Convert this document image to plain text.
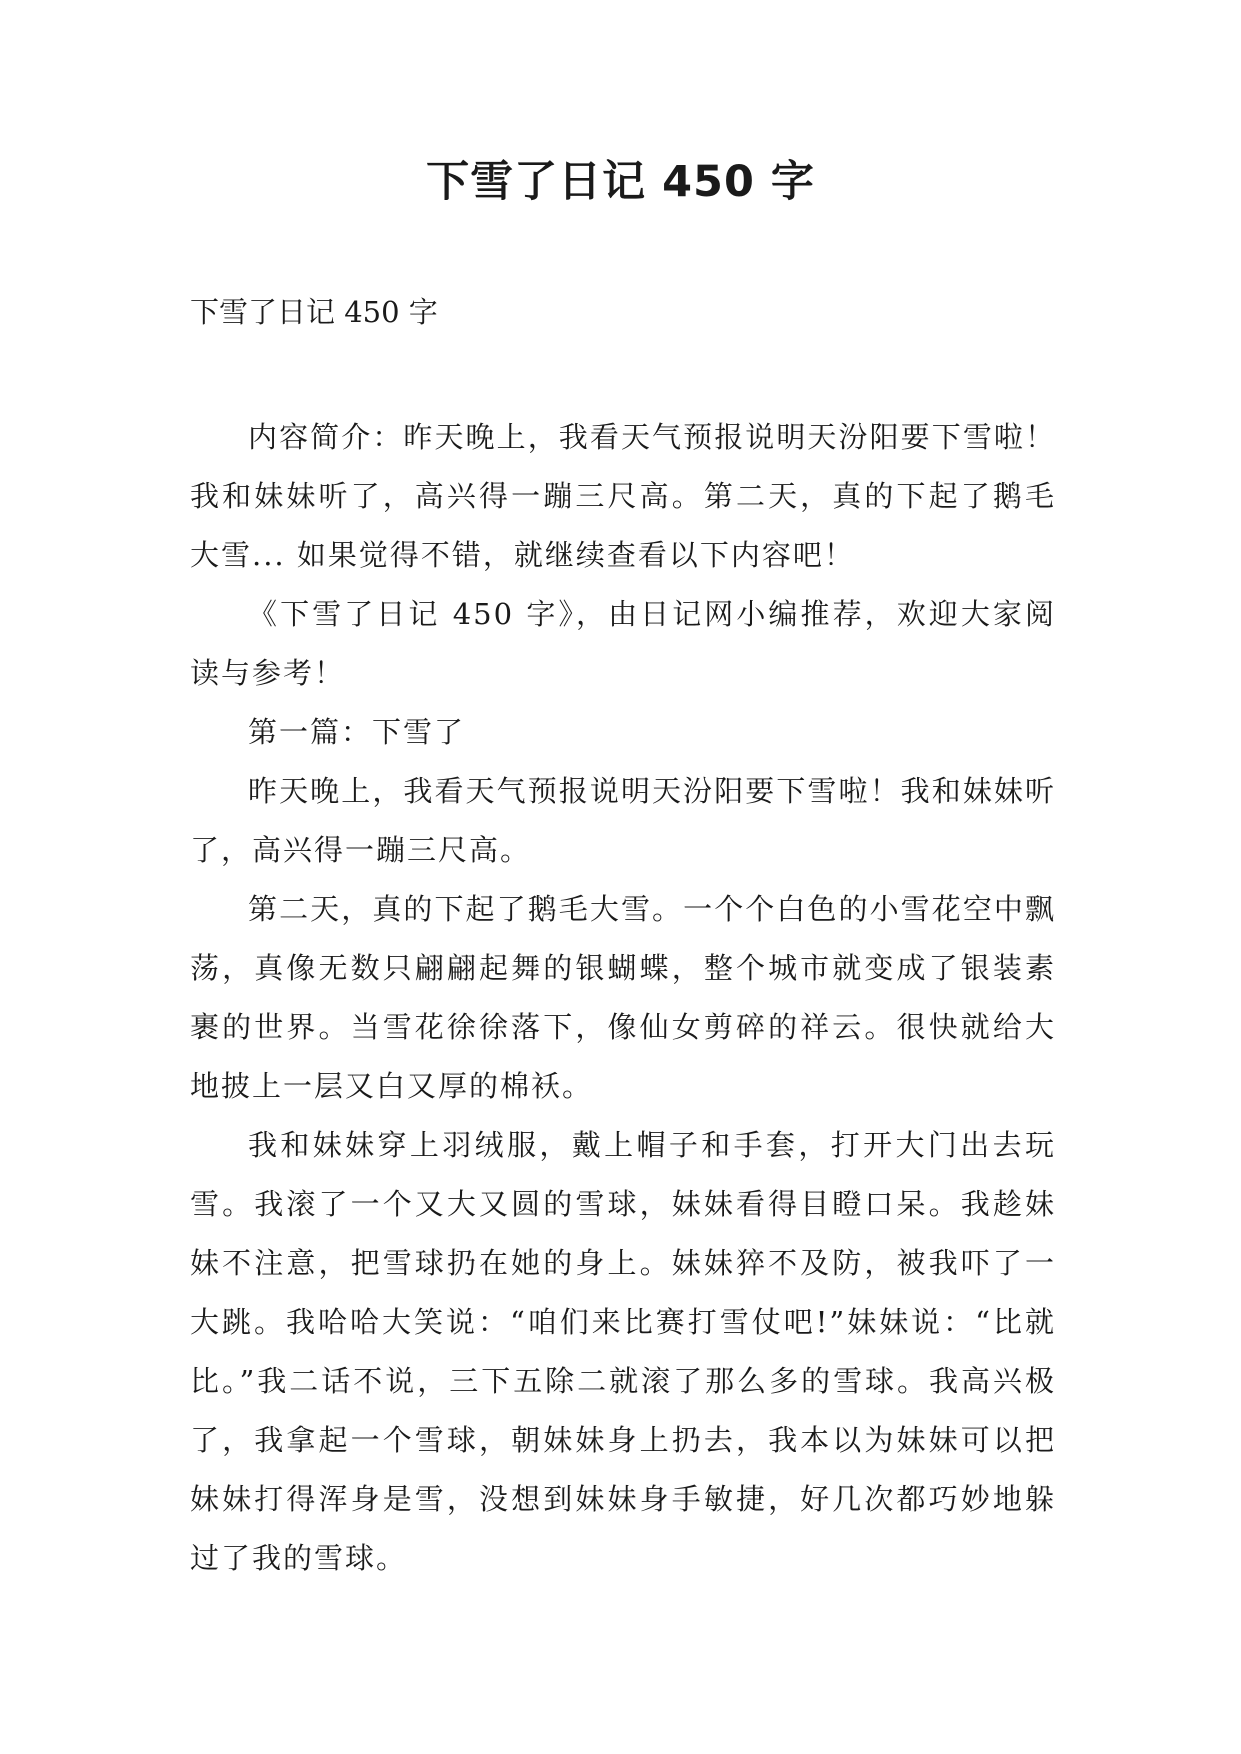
下雪了日记 450 字
下雪了日记 450 字

内容简介：昨天晚上，我看天气预报说明天汾阳要下雪啦！我和妹妹听了，高兴得一蹦三尺高。第二天，真的下起了鹅毛大雪... 如果觉得不错，就继续查看以下内容吧！

《下雪了日记 450 字》，由日记网小编推荐，欢迎大家阅读与参考！

第一篇：下雪了

昨天晚上，我看天气预报说明天汾阳要下雪啦！我和妹妹听了，高兴得一蹦三尺高。

第二天，真的下起了鹅毛大雪。一个个白色的小雪花空中飘荡，真像无数只翩翩起舞的银蝴蝶，整个城市就变成了银装素裹的世界。当雪花徐徐落下，像仙女剪碎的祥云。很快就给大地披上一层又白又厚的棉袄。

我和妹妹穿上羽绒服，戴上帽子和手套，打开大门出去玩雪。我滚了一个又大又圆的雪球，妹妹看得目瞪口呆。我趁妹妹不注意，把雪球扔在她的身上。妹妹猝不及防，被我吓了一大跳。我哈哈大笑说：“咱们来比赛打雪仗吧!”妹妹说：“比就比。”我二话不说，三下五除二就滚了那么多的雪球。我高兴极了，我拿起一个雪球，朝妹妹身上扔去，我本以为妹妹可以把妹妹打得浑身是雪，没想到妹妹身手敏捷，好几次都巧妙地躲过了我的雪球。
